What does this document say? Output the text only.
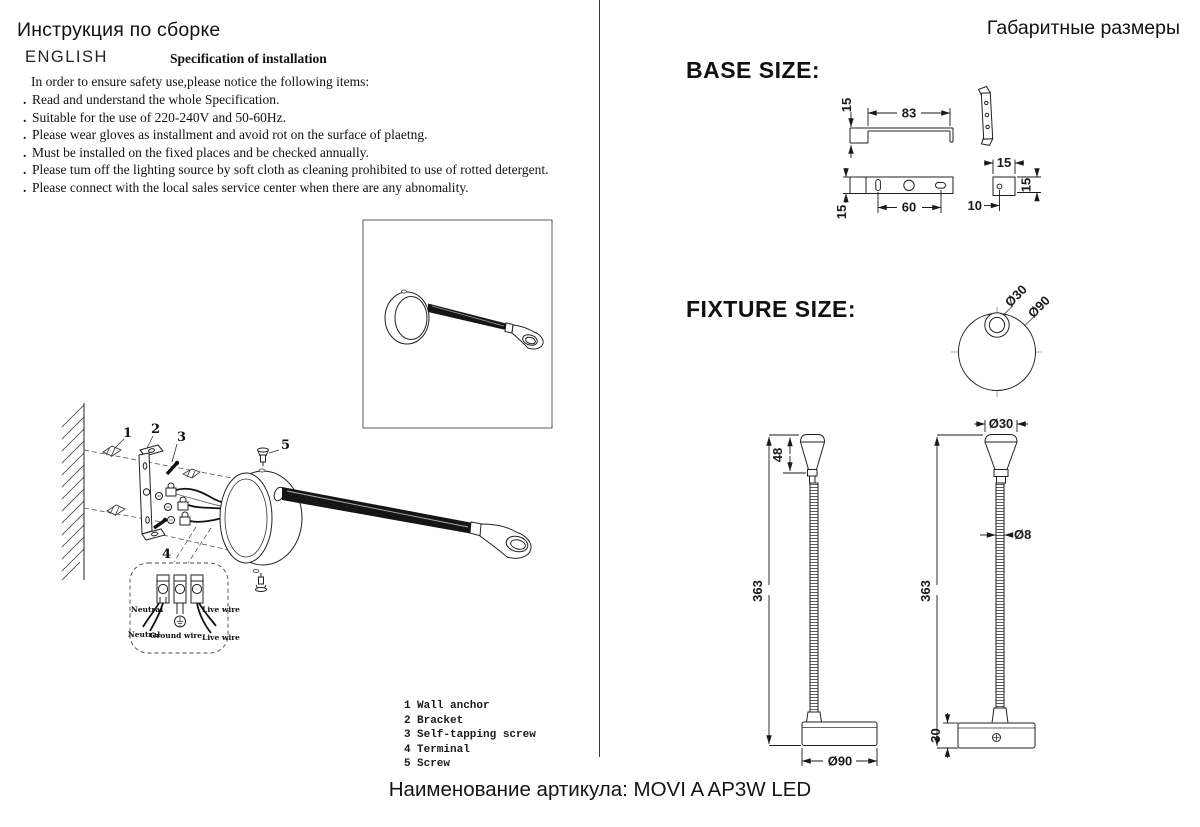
Инструкция по сборке	Габаритные размеры
ENGLISH	Specification of installation
In order to ensure safety use,please notice the following items:
. Read and understand the whole Specification.
. Suitable for the use of 220-240V and 50-60Hz.
. Please wear gloves as installment and avoid rot on the surface of plaetng.
. Must be installed on the fixed places and be checked annually.
. Please tum off the lighting source by soft cloth as cleaning prohibited to use of rotted detergent.
. Please connect with the local sales service center when there are any abnomality.
1 2
3
5
4
Neutral	Live wire
Neutral
Ground wire Live wire
1 Wall anchor
2 Bracket
3 Self-tapping screw
4 Terminal
5 Screw
BASE SIZE:
FIXTURE SIZE:
83
15
15	60
15
15
10
Ø30
Ø90
363
48
Ø90
Ø30
363
Ø8
30
Наименование артикула: MOVI A AP3W LED
